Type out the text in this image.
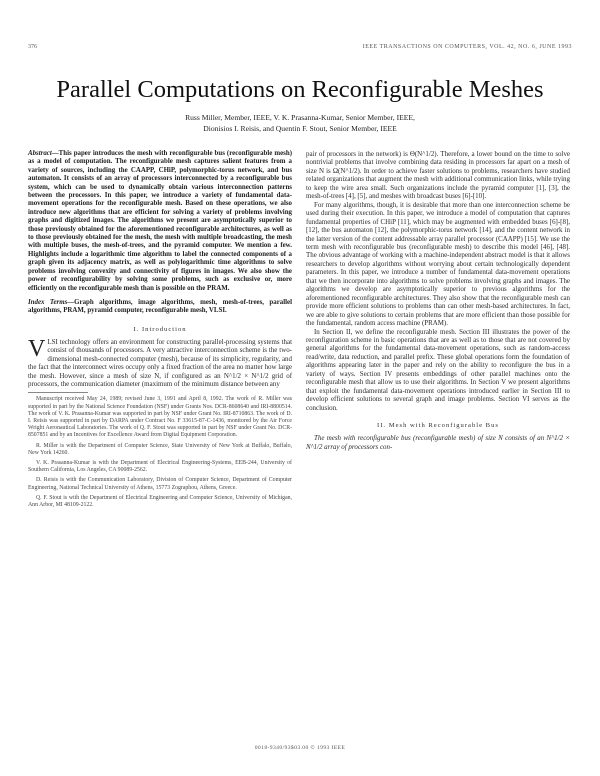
376	IEEE TRANSACTIONS ON COMPUTERS, VOL. 42, NO. 6, JUNE 1993
Parallel Computations on Reconfigurable Meshes
Russ Miller, Member, IEEE, V. K. Prasanna-Kumar, Senior Member, IEEE,
Dionisios I. Reisis, and Quentin F. Stout, Senior Member, IEEE

Abstract—This paper introduces the mesh with reconfigurable bus (reconfigurable mesh) as a model of computation. The reconfigurable mesh captures salient features from a variety of sources, including the CAAPP, CHiP, polymorphic-torus network, and bus automaton. It consists of an array of processors interconnected by a reconfigurable bus system, which can be used to dynamically obtain various interconnection patterns between the processors. In this paper, we introduce a variety of fundamental data-movement operations for the reconfigurable mesh. Based on these operations, we also introduce new algorithms that are efficient for solving a variety of problems involving graphs and digitized images. The algorithms we present are asymptotically superior to those previously obtained for the aforementioned reconfigurable architectures, as well as to those previously obtained for the mesh, the mesh with multiple broadcasting, the mesh with multiple buses, the mesh-of-trees, and the pyramid computer. We mention a few. Highlights include a logarithmic time algorithm to label the connected components of a graph given its adjacency matrix, as well as polylogarithmic time algorithms to solve problems involving convexity and connectivity of figures in images. We also show the power of reconfigurability by solving some problems, such as exclusive or, more efficiently on the reconfigurable mesh than is possible on the PRAM.

Index Terms—Graph algorithms, image algorithms, mesh, mesh-of-trees, parallel algorithms, PRAM, pyramid computer, reconfigurable mesh, VLSI.

I. Introduction

VLSI technology offers an environment for constructing parallel-processing systems that consist of thousands of processors. A very attractive interconnection scheme is the two-dimensional mesh-connected computer (mesh), because of its simplicity, regularity, and the fact that the interconnect wires occupy only a fixed fraction of the area no matter how large the mesh. However, since a mesh of size N, if configured as an N^1/2 × N^1/2 grid of processors, the communication diameter (maximum of the minimum distance between any

Manuscript received May 24, 1989; revised June 3, 1991 and April 8, 1992. The work of R. Miller was supported in part by the National Science Foundation (NSF) under Grants Nos. DCR-8608640 and IRI-8800514. The work of V. K. Prasanna-Kumar was supported in part by NSF under Grant No. IRI-8710863. The work of D. I. Reisis was supported in part by DARPA under Contract No. F 33615-87-C-1436, monitored by the Air Force Wright Aeronautical Laboratories. The work of Q. F. Stout was supported in part by NSF under Grant No. DCR-8507851 and by an Incentives for Excellence Award from Digital Equipment Corporation.

R. Miller is with the Department of Computer Science, State University of New York at Buffalo, Buffalo, New York 14260.

V. K. Prasanna-Kumar is with the Department of Electrical Engineering-Systems, EEB-244, University of Southern California, Los Angeles, CA 90089-2562.

D. Reisis is with the Communication Laboratory, Division of Computer Science, Department of Computer Engineering, National Technical University of Athens, 15773 Zographou, Athens, Greece.

Q. F. Stout is with the Department of Electrical Engineering and Computer Science, University of Michigan, Ann Arbor, MI 48109-2122.

pair of processors in the network) is Θ(N^1/2). Therefore, a lower bound on the time to solve nontrivial problems that involve combining data residing in processors far apart on a mesh of size N is Ω(N^1/2). In order to achieve faster solutions to problems, researchers have studied related organizations that augment the mesh with additional communication links, while trying to keep the wire area small. Such organizations include the pyramid computer [1], [3], the mesh-of-trees [4], [5], and meshes with broadcast buses [6]-[10].

For many algorithms, though, it is desirable that more than one interconnection scheme be used during their execution. In this paper, we introduce a model of computation that captures fundamental properties of CHiP [11], which may be augmented with embedded buses [6]-[8], [12], the bus automaton [12], the polymorphic-torus network [14], and the content network in the latter version of the content addressable array parallel processor (CAAPP) [15]. We use the term mesh with reconfigurable bus (reconfigurable mesh) to describe this model [46], [48]. The obvious advantage of working with a machine-independent abstract model is that it allows researchers to develop algorithms without worrying about certain technologically dependent parameters. In this paper, we introduce a number of fundamental data-movement operations that we then incorporate into algorithms to solve problems involving graphs and images. The algorithms we develop are asymptotically superior to previous algorithms for the aforementioned reconfigurable architectures. They also show that the reconfigurable mesh can provide more efficient solutions to problems than can other mesh-based architectures. In fact, we are able to give solutions to certain problems that are more efficient than those possible for the fundamental, random access machine (PRAM).

In Section II, we define the reconfigurable mesh. Section III illustrates the power of the reconfiguration scheme in basic operations that are as well as to those that are not covered by general algorithms for the fundamental data-movement operations, such as random-access read/write, data reduction, and parallel prefix. These global operations form the foundation of algorithms appearing later in the paper and rely on the ability to reconfigure the bus in a variety of ways. Section IV presents embeddings of other parallel machines onto the reconfigurable mesh that allow us to use their algorithms. In Section V we present algorithms that exploit the fundamental data-movement operations introduced earlier in Section III to develop efficient solutions to several graph and image problems. Section VI serves as the conclusion.

II. Mesh with Reconfigurable Bus

The mesh with reconfigurable bus (reconfigurable mesh) of size N consists of an N^1/2 × N^1/2 array of processors con-

0018-9340/93$03.00 © 1993 IEEE
